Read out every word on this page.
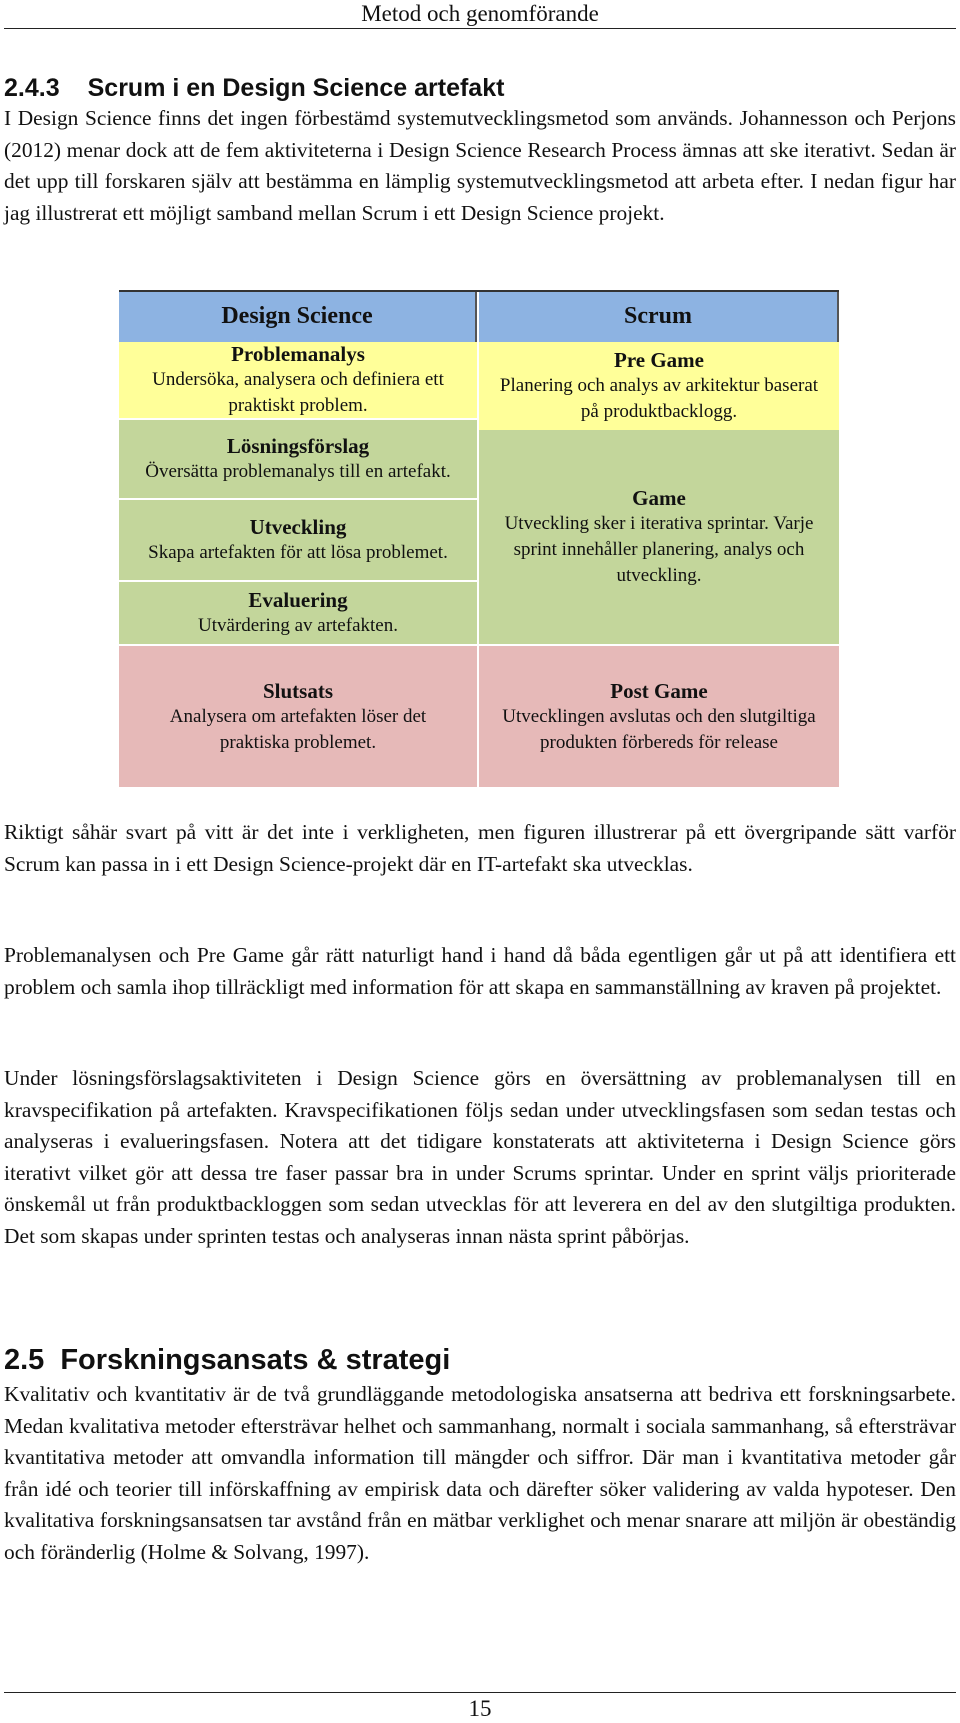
Metod och genomförande
2.4.3 Scrum i en Design Science artefakt

I Design Science finns det ingen förbestämd systemutvecklingsmetod som används. Johannesson och Perjons (2012) menar dock att de fem aktiviteterna i Design Science Research Process ämnas att ske iterativt. Sedan är det upp till forskaren själv att bestämma en lämplig systemutvecklingsmetod att arbeta efter. I nedan figur har jag illustrerat ett möjligt samband mellan Scrum i ett Design Science projekt.

Design Science
Problemanalys
Undersöka, analysera och definiera ett praktiskt problem.
Lösningsförslag
Översätta problemanalys till en artefakt.
Utveckling
Skapa artefakten för att lösa problemet.
Evaluering
Utvärdering av artefakten.
Slutsats
Analysera om artefakten löser det praktiska problemet.
Scrum
Pre Game
Planering och analys av arkitektur baserat på produktbacklogg.
Game
Utveckling sker i iterativa sprintar. Varje sprint innehåller planering, analys och utveckling.
Post Game
Utvecklingen avslutas och den slutgiltiga produkten förbereds för release

Riktigt såhär svart på vitt är det inte i verkligheten, men figuren illustrerar på ett övergripande sätt varför Scrum kan passa in i ett Design Science-projekt där en IT-artefakt ska utvecklas.

Problemanalysen och Pre Game går rätt naturligt hand i hand då båda egentligen går ut på att identifiera ett problem och samla ihop tillräckligt med information för att skapa en sammanställning av kraven på projektet.

Under lösningsförslagsaktiviteten i Design Science görs en översättning av problemanalysen till en kravspecifikation på artefakten. Kravspecifikationen följs sedan under utvecklingsfasen som sedan testas och analyseras i evalueringsfasen. Notera att det tidigare konstaterats att aktiviteterna i Design Science görs iterativt vilket gör att dessa tre faser passar bra in under Scrums sprintar. Under en sprint väljs prioriterade önskemål ut från produktbackloggen som sedan utvecklas för att leverera en del av den slutgiltiga produkten. Det som skapas under sprinten testas och analyseras innan nästa sprint påbörjas.

2.5 Forskningsansats & strategi

Kvalitativ och kvantitativ är de två grundläggande metodologiska ansatserna att bedriva ett forskningsarbete. Medan kvalitativa metoder eftersträvar helhet och sammanhang, normalt i sociala sammanhang, så eftersträvar kvantitativa metoder att omvandla information till mängder och siffror. Där man i kvantitativa metoder går från idé och teorier till införskaffning av empirisk data och därefter söker validering av valda hypoteser. Den kvalitativa forskningsansatsen tar avstånd från en mätbar verklighet och menar snarare att miljön är obeständig och föränderlig (Holme & Solvang, 1997).

15
